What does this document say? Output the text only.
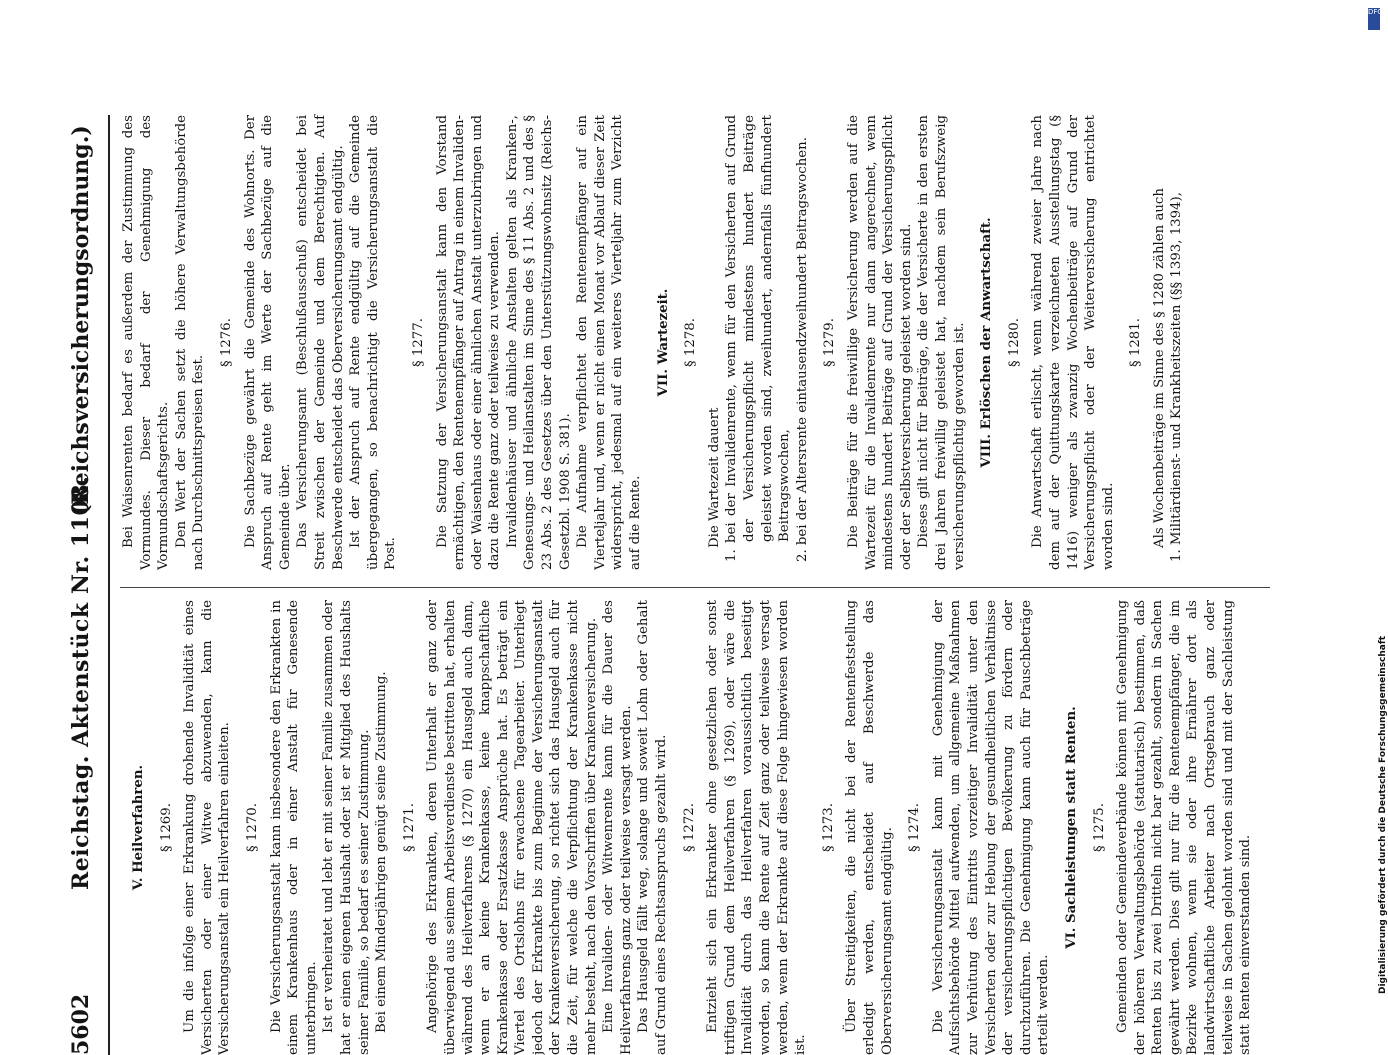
5602
Reichstag. Aktenstück Nr. 1108.
(Reichsversicherungsordnung.)

V. Heilverfahren. § 1269. Um die infolge einer Erkrankung drohende Invalidität eines Versicherten oder einer Witwe abzuwenden, kann die Versicherungsanstalt ein Heilverfahren einleiten. § 1270. Die Versicherungsanstalt kann insbesondere den Erkrankten in einem Krankenhaus oder in einer Anstalt für Genesende unterbringen. Ist er verheiratet und lebt er mit seiner Familie zusammen oder hat er einen eigenen Haushalt oder ist er Mitglied des Haushalts seiner Familie, so bedarf es seiner Zustimmung. Bei einem Minderjährigen genügt seine Zustimmung. § 1271. Angehörige des Erkrankten, deren Unterhalt er ganz oder überwiegend aus seinem Arbeitsverdienste bestritten hat, erhalten während des Heilverfahrens (§ 1270) ein Hausgeld auch dann, wenn er an keine Krankenkasse, keine knappschaftliche Krankenkasse oder Ersatzkasse Ansprüche hat. Es beträgt ein Viertel des Ortslohns für erwachsene Tagearbeiter. Unterliegt jedoch der Erkrankte bis zum Beginne der Versicherungsanstalt der Krankenversicherung, so richtet sich das Hausgeld auch für die Zeit, für welche die Verpflichtung der Krankenkasse nicht mehr besteht, nach den Vorschriften über Krankenversicherung. Eine Invaliden- oder Witwenrente kann für die Dauer des Heilverfahrens ganz oder teilweise versagt werden. Das Hausgeld fällt weg, solange und soweit Lohn oder Gehalt auf Grund eines Rechtsanspruchs gezahlt wird. § 1272. Entzieht sich ein Erkrankter ohne gesetzlichen oder sonst triftigen Grund dem Heilverfahren (§ 1269), oder wäre die Invalidität durch das Heilverfahren voraussichtlich beseitigt worden, so kann die Rente auf Zeit ganz oder teilweise versagt werden, wenn der Erkrankte auf diese Folge hingewiesen worden ist.

§ 1273. Über Streitigkeiten, die nicht bei der Rentenfeststellung erledigt werden, entscheidet auf Beschwerde das Oberversicherungsamt endgültig. § 1274. Die Versicherungsanstalt kann mit Genehmigung der Aufsichtsbehörde Mittel aufwenden, um allgemeine Maßnahmen zur Verhütung des Eintritts vorzeitiger Invalidität unter den Versicherten oder zur Hebung der gesundheitlichen Verhältnisse der versicherungspflichtigen Bevölkerung zu fördern oder durchzuführen. Die Genehmigung kann auch für Pauschbeträge erteilt werden.

VI. Sachleistungen statt Renten. § 1275. Gemeinden oder Gemeindeverbände können mit Genehmigung der höheren Verwaltungsbehörde (statutarisch) bestimmen, daß Renten bis zu zwei Dritteln nicht bar gezahlt, sondern in Sachen gewährt werden. Dies gilt nur für die Rentenempfänger, die im Bezirke wohnen, wenn sie oder ihre Ernährer dort als landwirtschaftliche Arbeiter nach Ortsgebrauch ganz oder teilweise in Sachen gelohnt worden sind und mit der Sachleistung statt Renten einverstanden sind.

Bei Waisenrenten bedarf es außerdem der Zustimmung des Vormundes. Dieser bedarf der Genehmigung des Vormundschaftsgerichts. Den Wert der Sachen setzt die höhere Verwaltungsbehörde nach Durchschnittspreisen fest.

§ 1276. Die Sachbezüge gewährt die Gemeinde des Wohnorts. Der Anspruch auf Rente geht im Werte der Sachbezüge auf die Gemeinde über. Das Versicherungsamt (Beschlußausschuß) entscheidet bei Streit zwischen der Gemeinde und dem Berechtigten. Auf Beschwerde entscheidet das Oberversicherungsamt endgültig. Ist der Anspruch auf Rente endgültig auf die Gemeinde übergegangen, so benachrichtigt die Versicherungsanstalt die Post.

§ 1277. Die Satzung der Versicherungsanstalt kann den Vorstand ermächtigen, den Rentenempfänger auf Antrag in einem Invaliden- oder Waisenhaus oder einer ähnlichen Anstalt unterzubringen und dazu die Rente ganz oder teilweise zu verwenden. Invalidenhäuser und ähnliche Anstalten gelten als Kranken-, Genesungs- und Heilanstalten im Sinne des § 11 Abs. 2 und des § 23 Abs. 2 des Gesetzes über den Unterstützungswohnsitz (Reichs-Gesetzbl. 1908 S. 381). Die Aufnahme verpflichtet den Rentenempfänger auf ein Vierteljahr und, wenn er nicht einen Monat vor Ablauf dieser Zeit widerspricht, jedesmal auf ein weiteres Vierteljahr zum Verzicht auf die Rente.

VII. Wartezeit. § 1278.

Die Wartezeit dauert 1. bei der Invalidenrente, wenn für den Versicherten auf Grund der Versicherungspflicht mindestens hundert Beiträge geleistet worden sind, zweihundert, andernfalls fünfhundert Beitragswochen, 2. bei der Altersrente eintausendzweihundert Beitragswochen. § 1279. Die Beiträge für die freiwillige Versicherung werden auf die Wartezeit für die Invalidenrente nur dann angerechnet, wenn mindestens hundert Beiträge auf Grund der Versicherungspflicht oder der Selbstversicherung geleistet worden sind. Dieses gilt nicht für Beiträge, die der Versicherte in den ersten drei Jahren freiwillig geleistet hat, nachdem sein Berufszweig versicherungspflichtig geworden ist. VIII. Erlöschen der Anwartschaft. § 1280. Die Anwartschaft erlischt, wenn während zweier Jahre nach dem auf der Quittungskarte verzeichneten Ausstellungstag (§ 1416) weniger als zwanzig Wochenbeiträge auf Grund der Versicherungspflicht oder der Weiterversicherung entrichtet worden sind.

§ 1281. Als Wochenbeiträge im Sinne des § 1280 zählen auch 1. Militärdienst- und Krankheitszeiten (§§ 1393, 1394),

DFG
Digitalisierung gefördert durch die Deutsche Forschungsgemeinschaft
